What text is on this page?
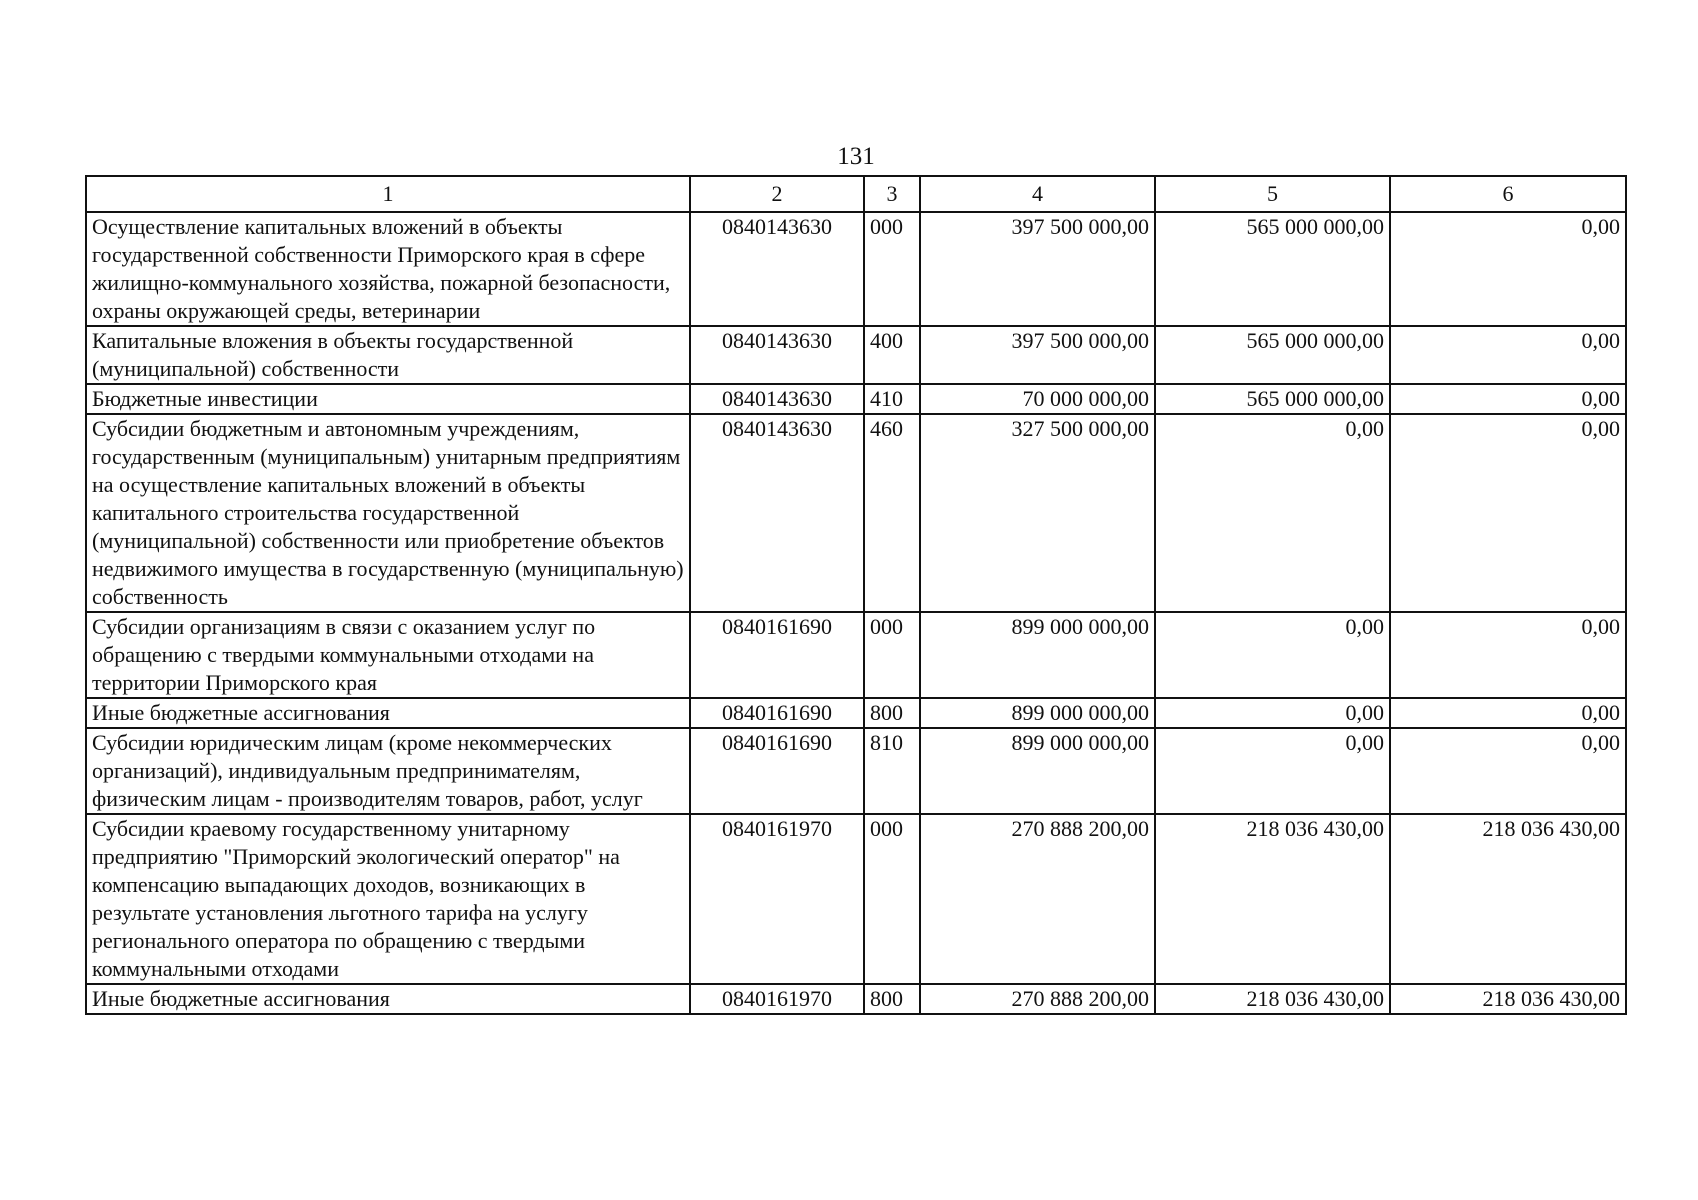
131
1	2	3	4	5	6
Осуществление капитальных вложений в объекты государственной собственности Приморского края в сфере жилищно-коммунального хозяйства, пожарной безопасности, охраны окружающей среды, ветеринарии	0840143630	000	397 500 000,00	565 000 000,00	0,00
Капитальные вложения в объекты государственной (муниципальной) собственности	0840143630	400	397 500 000,00	565 000 000,00	0,00
Бюджетные инвестиции	0840143630	410	70 000 000,00	565 000 000,00	0,00
Субсидии бюджетным и автономным учреждениям, государственным (муниципальным) унитарным предприятиям на осуществление капитальных вложений в объекты капитального строительства государственной (муниципальной) собственности или приобретение объектов недвижимого имущества в государственную (муниципальную) собственность	0840143630	460	327 500 000,00	0,00	0,00
Субсидии организациям в связи с оказанием услуг по обращению с твердыми коммунальными отходами на территории Приморского края	0840161690	000	899 000 000,00	0,00	0,00
Иные бюджетные ассигнования	0840161690	800	899 000 000,00	0,00	0,00
Субсидии юридическим лицам (кроме некоммерческих организаций), индивидуальным предпринимателям, физическим лицам - производителям товаров, работ, услуг	0840161690	810	899 000 000,00	0,00	0,00
Субсидии краевому государственному унитарному предприятию "Приморский экологический оператор" на компенсацию выпадающих доходов, возникающих в результате установления льготного тарифа на услугу регионального оператора по обращению с твердыми коммунальными отходами	0840161970	000	270 888 200,00	218 036 430,00	218 036 430,00
Иные бюджетные ассигнования	0840161970	800	270 888 200,00	218 036 430,00	218 036 430,00
